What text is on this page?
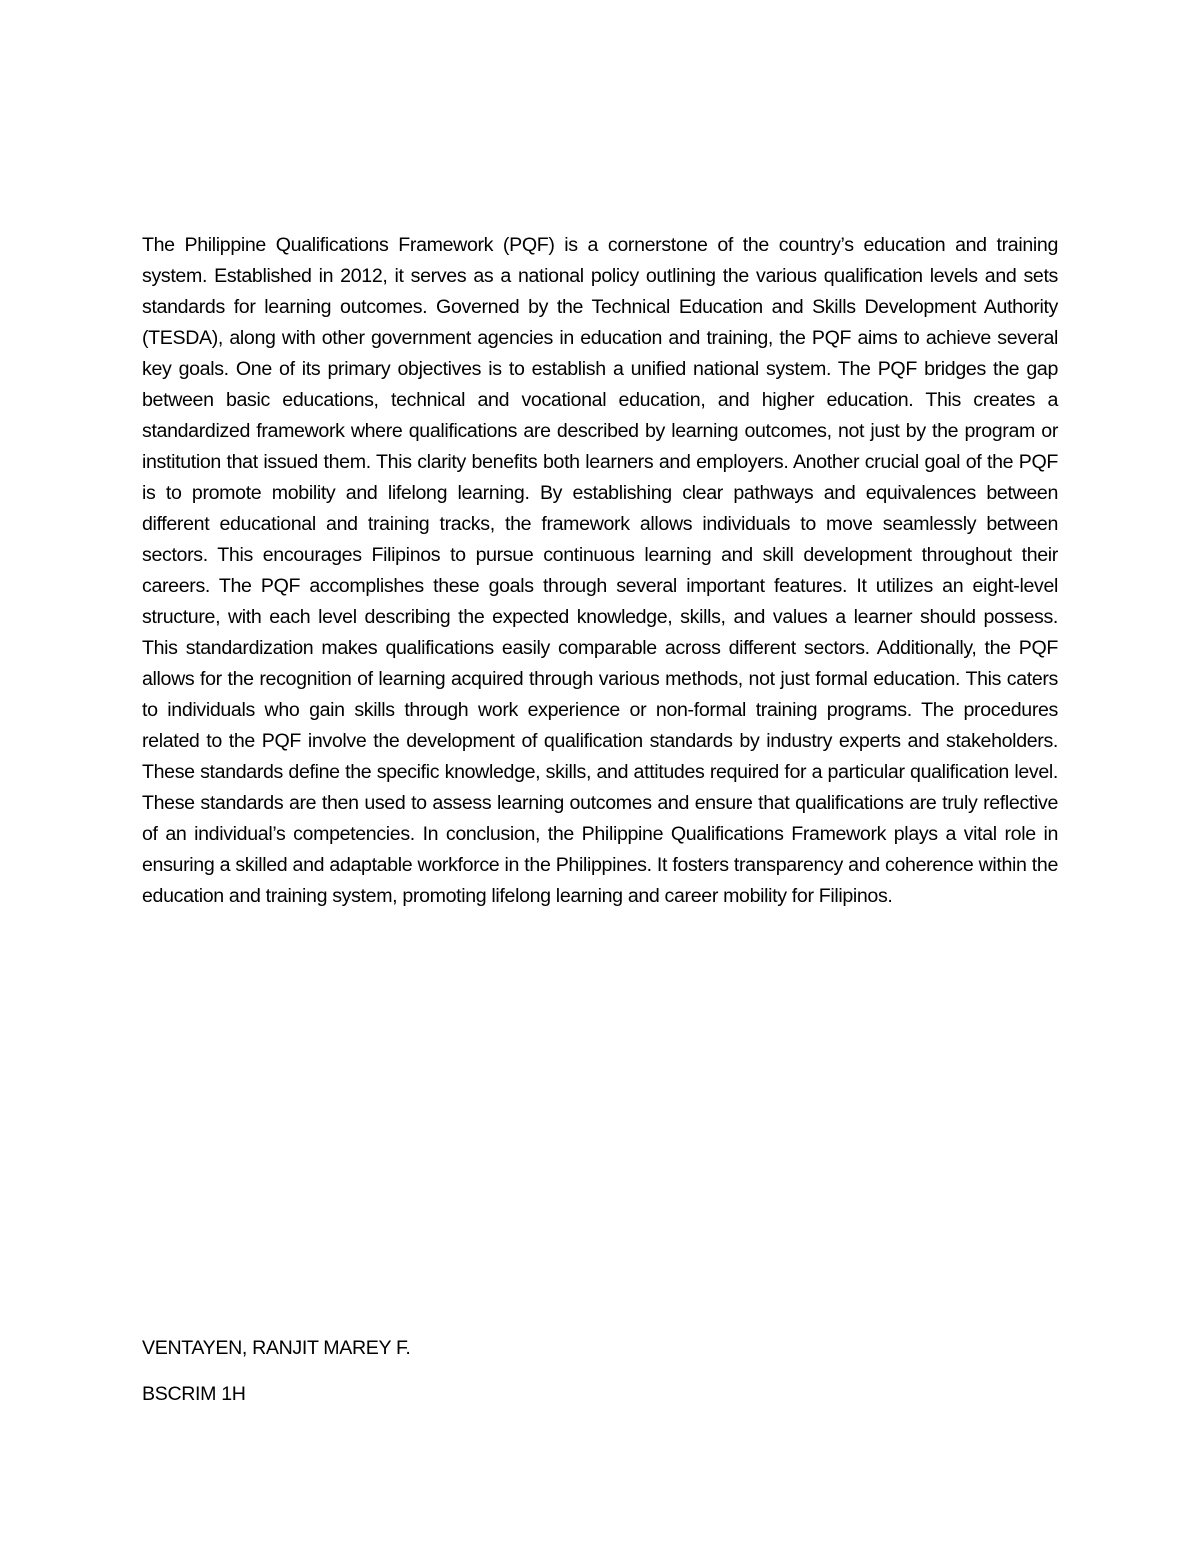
The Philippine Qualifications Framework (PQF) is a cornerstone of the country’s education and training system. Established in 2012, it serves as a national policy outlining the various qualification levels and sets standards for learning outcomes. Governed by the Technical Education and Skills Development Authority (TESDA), along with other government agencies in education and training, the PQF aims to achieve several key goals. One of its primary objectives is to establish a unified national system. The PQF bridges the gap between basic educations, technical and vocational education, and higher education. This creates a standardized framework where qualifications are described by learning outcomes, not just by the program or institution that issued them. This clarity benefits both learners and employers. Another crucial goal of the PQF is to promote mobility and lifelong learning. By establishing clear pathways and equivalences between different educational and training tracks, the framework allows individuals to move seamlessly between sectors. This encourages Filipinos to pursue continuous learning and skill development throughout their careers. The PQF accomplishes these goals through several important features. It utilizes an eight-level structure, with each level describing the expected knowledge, skills, and values a learner should possess. This standardization makes qualifications easily comparable across different sectors. Additionally, the PQF allows for the recognition of learning acquired through various methods, not just formal education. This caters to individuals who gain skills through work experience or non-formal training programs. The procedures related to the PQF involve the development of qualification standards by industry experts and stakeholders. These standards define the specific knowledge, skills, and attitudes required for a particular qualification level. These standards are then used to assess learning outcomes and ensure that qualifications are truly reflective of an individual’s competencies. In conclusion, the Philippine Qualifications Framework plays a vital role in ensuring a skilled and adaptable workforce in the Philippines. It fosters transparency and coherence within the education and training system, promoting lifelong learning and career mobility for Filipinos.

VENTAYEN, RANJIT MAREY F.

BSCRIM 1H
